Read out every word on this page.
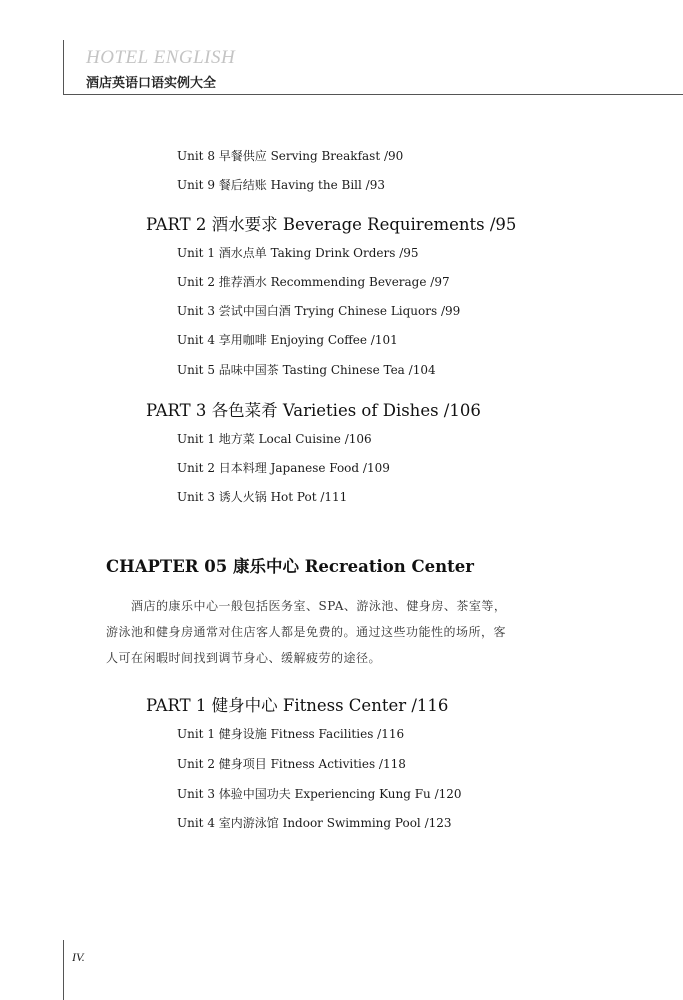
HOTEL ENGLISH
酒店英语口语实例大全
Unit 8 早餐供应 Serving Breakfast /90
Unit 9 餐后结账 Having the Bill /93
PART 2 酒水要求 Beverage Requirements /95
Unit 1 酒水点单 Taking Drink Orders /95
Unit 2 推荐酒水 Recommending Beverage /97
Unit 3 尝试中国白酒 Trying Chinese Liquors /99
Unit 4 享用咖啡 Enjoying Coffee /101
Unit 5 品味中国茶 Tasting Chinese Tea /104
PART 3 各色菜肴 Varieties of Dishes /106
Unit 1 地方菜 Local Cuisine /106
Unit 2 日本料理 Japanese Food /109
Unit 3 诱人火锅 Hot Pot /111
CHAPTER 05 康乐中心 Recreation Center
　　酒店的康乐中心一般包括医务室、SPA、游泳池、健身房、茶室等，
游泳池和健身房通常对住店客人都是免费的。通过这些功能性的场所，客
人可在闲暇时间找到调节身心、缓解疲劳的途径。
PART 1 健身中心 Fitness Center /116
Unit 1 健身设施 Fitness Facilities /116
Unit 2 健身项目 Fitness Activities /118
Unit 3 体验中国功夫 Experiencing Kung Fu /120
Unit 4 室内游泳馆 Indoor Swimming Pool /123
IV.
